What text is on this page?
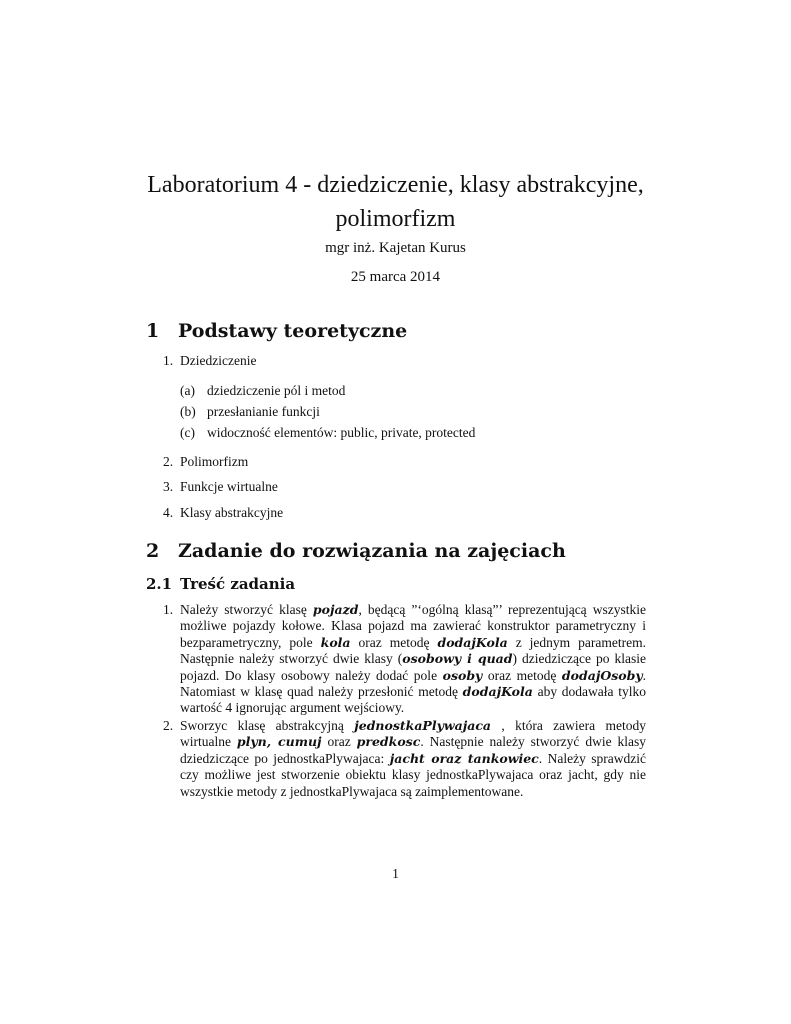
Laboratorium 4 - dziedziczenie, klasy abstrakcyjne, polimorfizm
mgr inż. Kajetan Kurus
25 marca 2014
1 Podstawy teoretyczne
1. Dziedziczenie
(a) dziedziczenie pól i metod
(b) przesłanianie funkcji
(c) widoczność elementów: public, private, protected
2. Polimorfizm
3. Funkcje wirtualne
4. Klasy abstrakcyjne
2 Zadanie do rozwiązania na zajęciach
2.1 Treść zadania
1. Należy stworzyć klasę pojazd, będącą ”‘ogólną klasą”’ reprezentującą wszystkie możliwe pojazdy kołowe. Klasa pojazd ma zawierać konstruktor parametryczny i bezparametryczny, pole kola oraz metodę dodajKola z jednym parametrem. Następnie należy stworzyć dwie klasy (osobowy i quad) dziedziczące po klasie pojazd. Do klasy osobowy należy dodać pole osoby oraz metodę dodajOsoby. Natomiast w klasę quad należy przesłonić metodę dodajKola aby dodawała tylko wartość 4 ignorując argument wejściowy.
2. Sworzyc klasę abstrakcyjną jednostkaPlywajaca , która zawiera metody wirtualne plyn, cumuj oraz predkosc. Następnie należy stworzyć dwie klasy dziedziczące po jednostkaPlywajaca: jacht oraz tankowiec. Należy sprawdzić czy możliwe jest stworzenie obiektu klasy jednostkaPlywajaca oraz jacht, gdy nie wszystkie metody z jednostkaPlywajaca są zaimplementowane.
1
